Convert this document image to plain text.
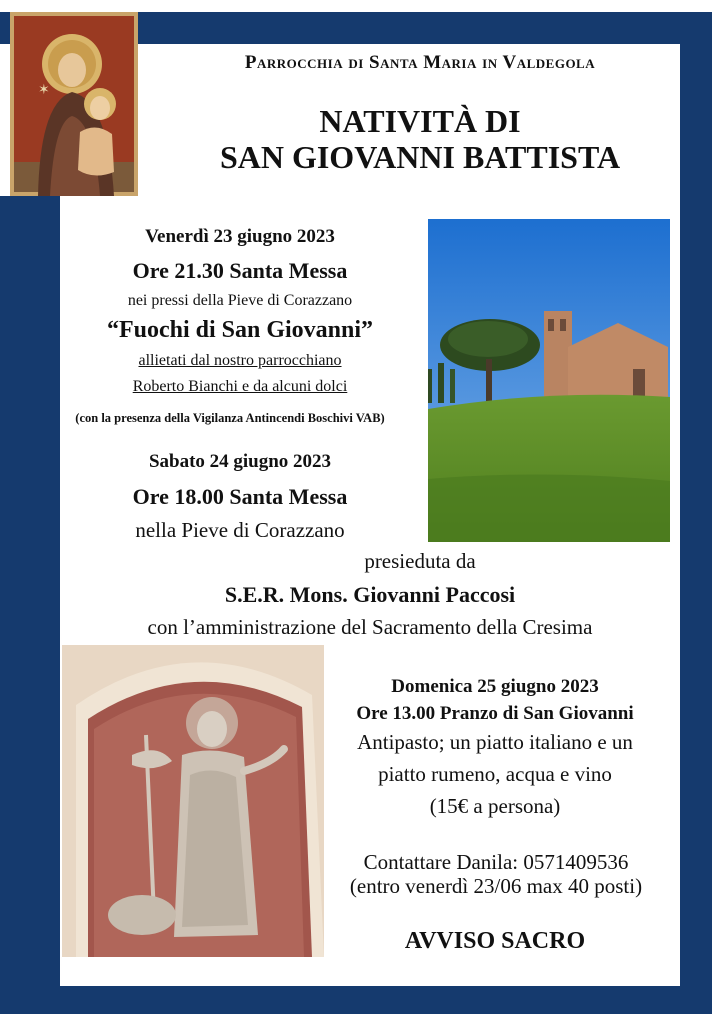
✶
Parrocchia di Santa Maria in Valdegola
NATIVITÀ DI
SAN GIOVANNI BATTISTA
Venerdì 23 giugno 2023
Ore 21.30 Santa Messa
nei pressi della Pieve di Corazzano
“Fuochi di San Giovanni”
allietati dal nostro parrocchiano
Roberto Bianchi e da alcuni dolci
(con la presenza della Vigilanza Antincendi Boschivi VAB)
Sabato 24 giugno 2023
Ore 18.00 Santa Messa
nella Pieve di Corazzano
presieduta da
S.E.R. Mons. Giovanni Paccosi
con l’amministrazione del Sacramento della Cresima
Domenica 25 giugno 2023
Ore 13.00 Pranzo di San Giovanni
Antipasto; un piatto italiano e un
piatto rumeno, acqua e vino
(15€ a persona)
Contattare Danila: 0571409536
(entro venerdì 23/06 max 40 posti)
AVVISO SACRO
